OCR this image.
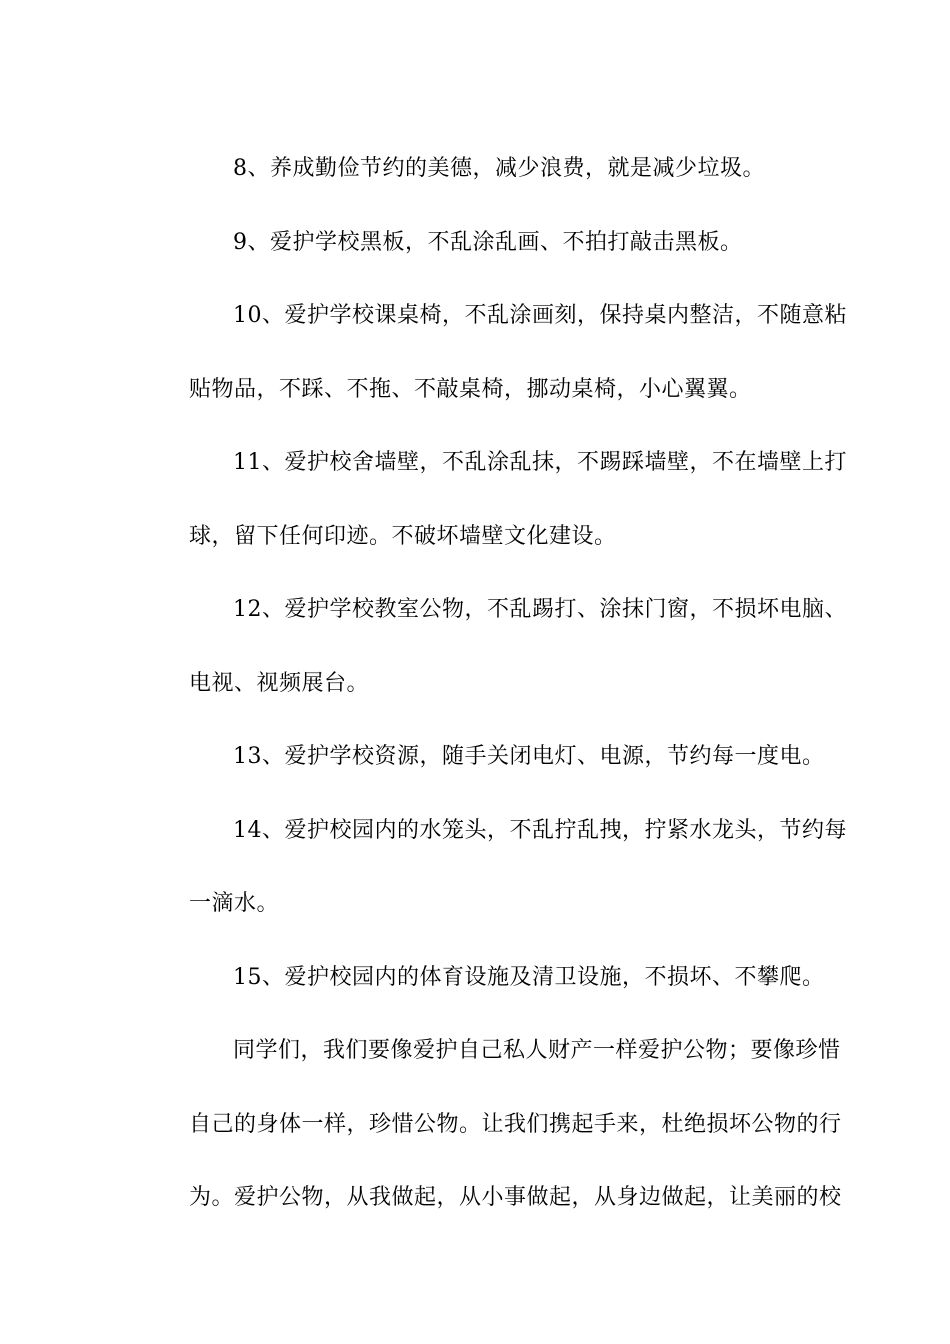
8、养成勤俭节约的美德，减少浪费，就是减少垃圾。
9、爱护学校黑板，不乱涂乱画、不拍打敲击黑板。
10、爱护学校课桌椅，不乱涂画刻，保持桌内整洁，不随意粘
贴物品，不踩、不拖、不敲桌椅，挪动桌椅，小心翼翼。
11、爱护校舍墙壁，不乱涂乱抹，不踢踩墙壁，不在墙壁上打
球，留下任何印迹。不破坏墙壁文化建设。
12、爱护学校教室公物，不乱踢打、涂抹门窗，不损坏电脑、
电视、视频展台。
13、爱护学校资源，随手关闭电灯、电源，节约每一度电。
14、爱护校园内的水笼头，不乱拧乱拽，拧紧水龙头，节约每
一滴水。
15、爱护校园内的体育设施及清卫设施，不损坏、不攀爬。
同学们，我们要像爱护自己私人财产一样爱护公物；要像珍惜
自己的身体一样，珍惜公物。让我们携起手来，杜绝损坏公物的行
为。爱护公物，从我做起，从小事做起，从身边做起，让美丽的校
